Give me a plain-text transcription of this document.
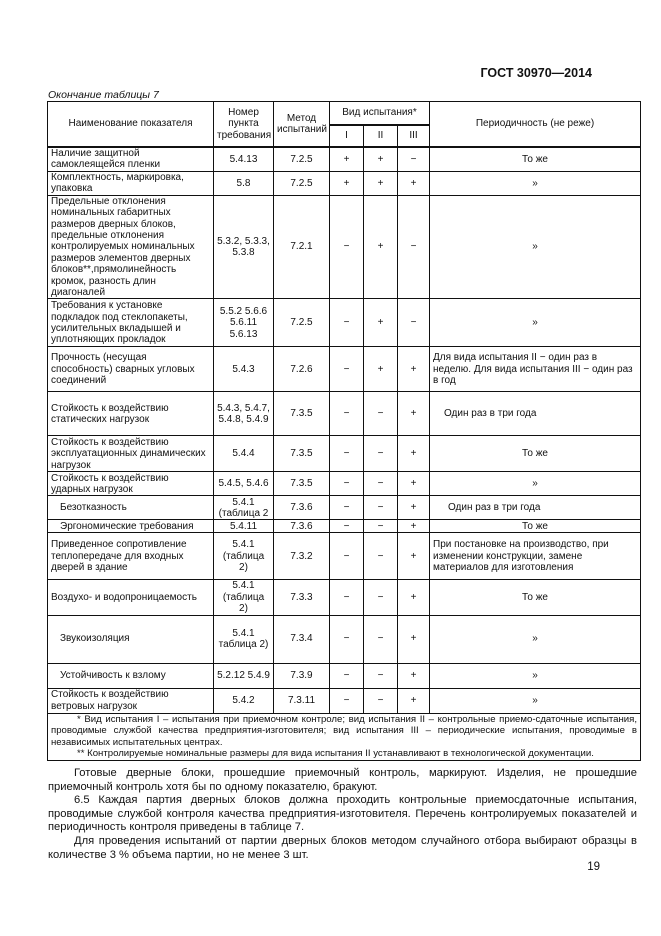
ГОСТ 30970—2014
Окончание таблицы 7
Наименование показателя	Номер пункта требования	Метод испытаний	Вид испытания*			Периодичность (не реже)
			I	II	III	
Наличие защитной самоклеящейся пленки	5.4.13	7.2.5	+	+	−	То же
Комплектность, маркировка, упаковка	5.8	7.2.5	+	+	+	»
Предельные отклонения номинальных габаритных размеров дверных блоков, предельные отклонения контролируемых номинальных размеров элементов дверных блоков**,прямолинейность кромок, разность длин диагоналей	5.3.2, 5.3.3, 5.3.8	7.2.1	−	+	−	»
Требования к установке подкладок под стеклопакеты, усилительных вкладышей и уплотняющих прокладок	5.5.2 5.6.6 5.6.11 5.6.13	7.2.5	−	+	−	»
Прочность (несущая способность) сварных угловых соединений	5.4.3	7.2.6	−	+	+	Для вида испытания II − один раз в неделю. Для вида испытания III − один раз в год
Стойкость к воздействию статических нагрузок	5.4.3, 5.4.7, 5.4.8, 5.4.9	7.3.5	−	−	+	Один раз в три года
Стойкость к воздействию эксплуатационных динамических нагрузок	5.4.4	7.3.5	−	−	+	То же
Стойкость к воздействию ударных нагрузок	5.4.5, 5.4.6	7.3.5	−	−	+	»
Безотказность	5.4.1 (таблица 2	7.3.6	−	−	+	Один раз в три года
Эргономические требования	5.4.11	7.3.6	−	−	+	То же
Приведенное сопротивление теплопередаче для входных дверей в здание	5.4.1 (таблица 2)	7.3.2	−	−	+	При постановке на производство, при изменении конструкции, замене материалов для изготовления
Воздухо- и водопроницаемость	5.4.1 (таблица 2)	7.3.3	−	−	+	То же
Звукоизоляция	5.4.1 таблица 2)	7.3.4	−	−	+	»
Устойчивость к взлому	5.2.12 5.4.9	7.3.9	−	−	+	»
Стойкость к воздействию ветровых нагрузок	5.4.2	7.3.11	−	−	+	»

* Вид испытания I – испытания при приемочном контроле; вид испытания II – контрольные приемо-сдаточные испытания, проводимые службой качества предприятия-изготовителя; вид испытания III – периодические испытания, проводимые в независимых испытательных центрах.

** Контролируемые номинальные размеры для вида испытания II устанавливают в технологической документации.						

Готовые дверные блоки, прошедшие приемочный контроль, маркируют. Изделия, не прошедшие приемочный контроль хотя бы по одному показателю, бракуют.

6.5 Каждая партия дверных блоков должна проходить контрольные приемосдаточные испытания, проводимые службой контроля качества предприятия-изготовителя. Перечень контролируемых показателей и периодичность контроля приведены в таблице 7.

Для проведения испытаний от партии дверных блоков методом случайного отбора выбирают образцы в количестве 3 % объема партии, но не менее 3 шт.

19
